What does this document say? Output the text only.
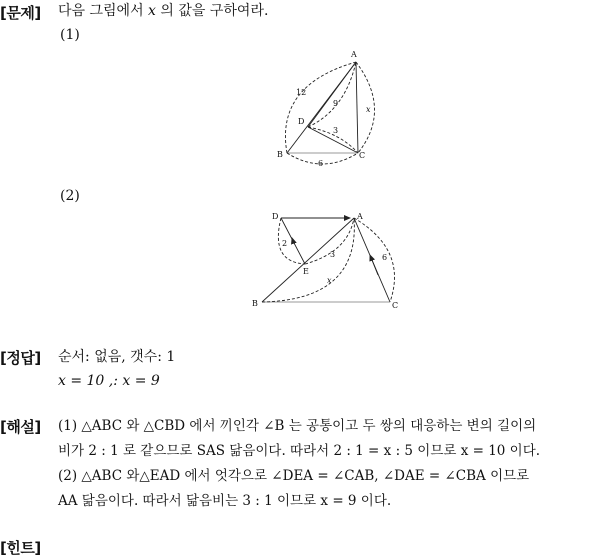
[문제] 다음 그림에서 x 의 값을 구하여라.
(1)
A
B	C
D
12
9
3
6
x
(2)
D	A
B	C
E
2
3
x
6
[정답] 순서: 없음, 갯수: 1
x = 10 ,: x = 9
[해설] (1) △ABC 와 △CBD 에서 끼인각 ∠B 는 공통이고 두 쌍의 대응하는 변의 길이의
비가 2 : 1 로 같으므로 SAS 닮음이다. 따라서 2 : 1 = x : 5 이므로 x = 10 이다.
(2) △ABC 와△EAD 에서 엇각으로 ∠DEA = ∠CAB, ∠DAE = ∠CBA 이므로
AA 닮음이다. 따라서 닮음비는 3 : 1 이므로 x = 9 이다.
[힌트]
